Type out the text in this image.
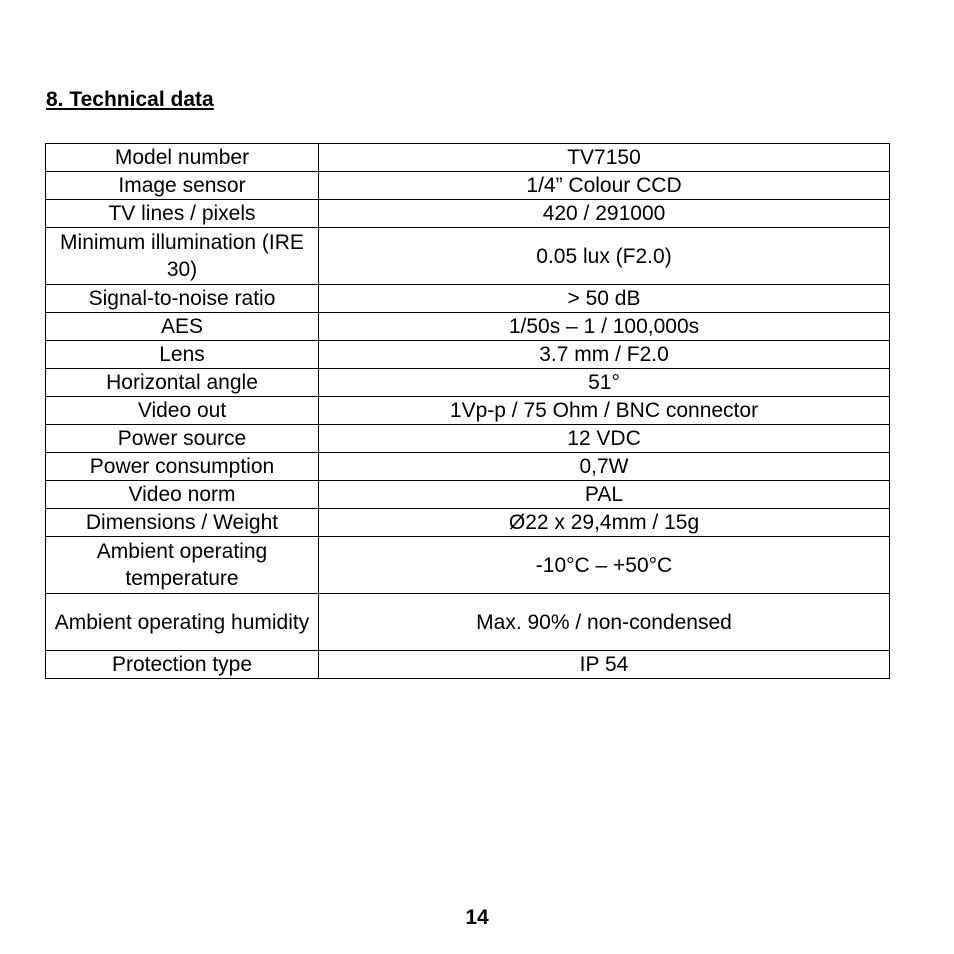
8. Technical data
Model number	TV7150
Image sensor	1/4” Colour CCD
TV lines / pixels	420 / 291000
Minimum illumination (IRE 30)	0.05 lux (F2.0)
Signal-to-noise ratio	> 50 dB
AES	1/50s – 1 / 100,000s
Lens	3.7 mm / F2.0
Horizontal angle	51°
Video out	1Vp-p / 75 Ohm / BNC connector
Power source	12 VDC
Power consumption	0,7W
Video norm	PAL
Dimensions / Weight	Ø22 x 29,4mm / 15g
Ambient operating temperature	-10°C – +50°C
Ambient operating humidity	Max. 90% / non-condensed
Protection type	IP 54
14
